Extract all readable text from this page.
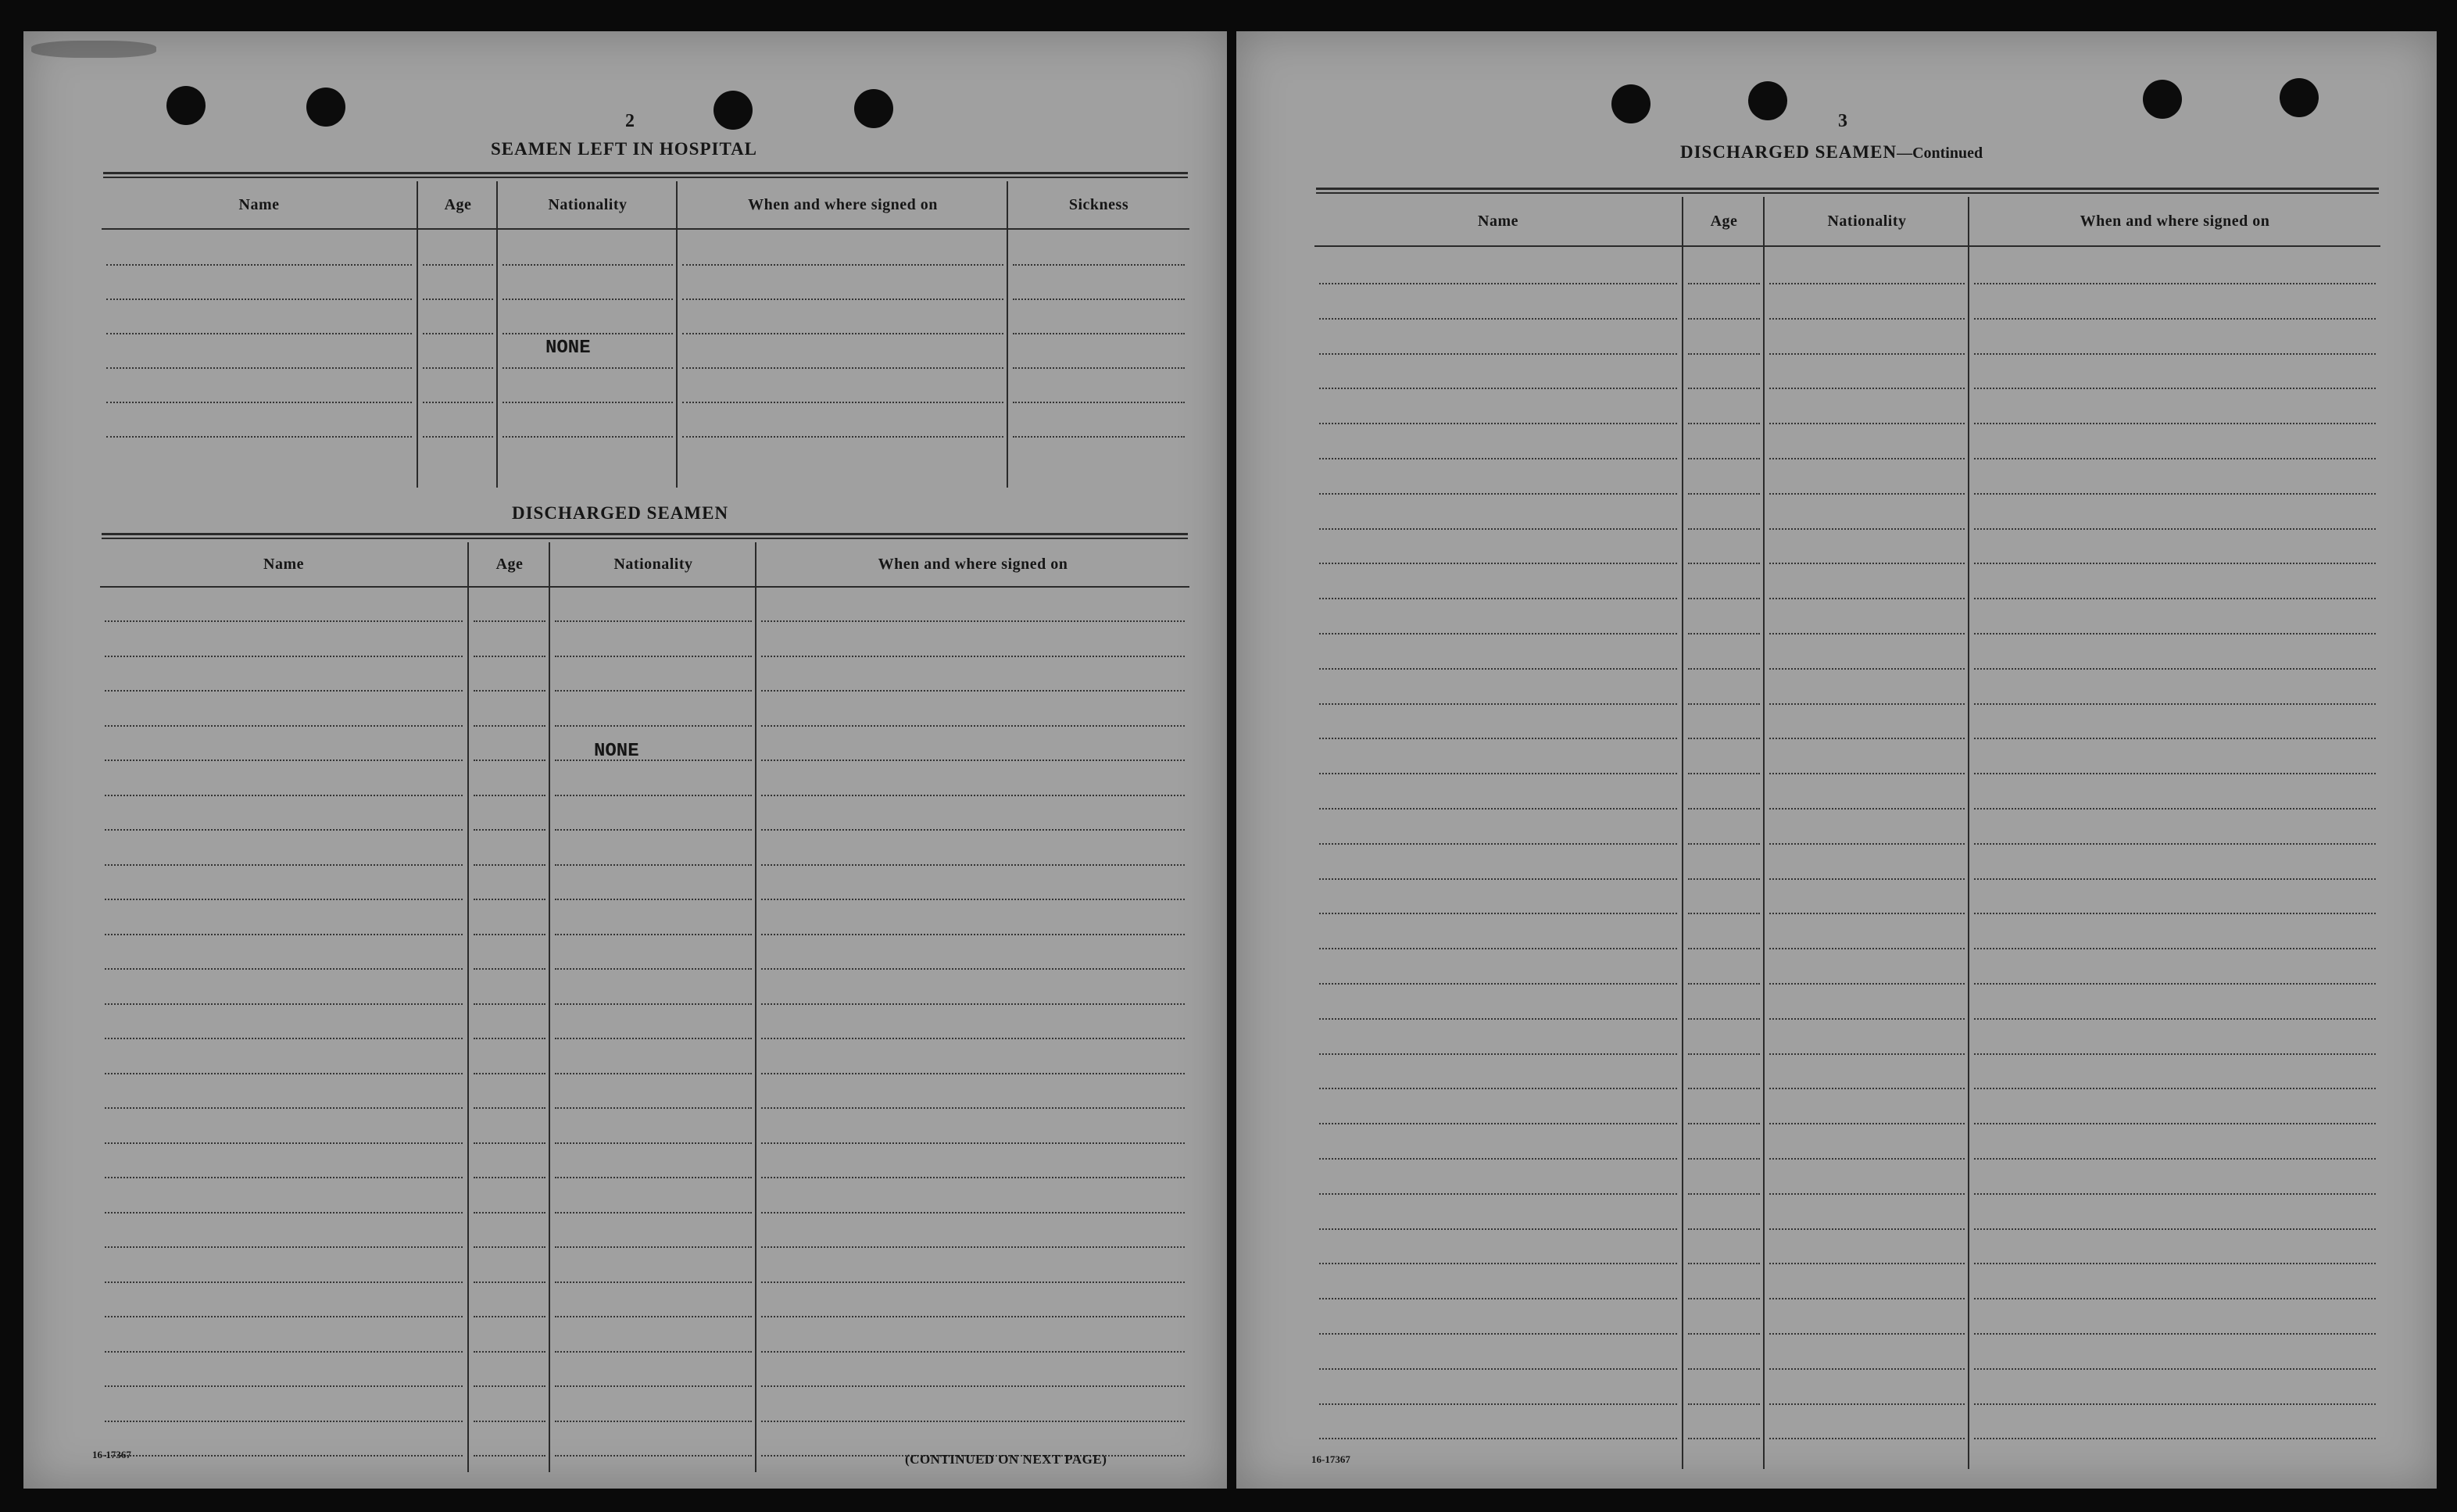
2
SEAMEN LEFT IN HOSPITAL
Name	Age	Nationality	When and where signed on	Sickness
NONE
DISCHARGED SEAMEN
Name	Age	Nationality	When and where signed on
NONE
16-17367	(CONTINUED ON NEXT PAGE)
3
DISCHARGED SEAMEN—Continued
Name	Age	Nationality	When and where signed on
16-17367
